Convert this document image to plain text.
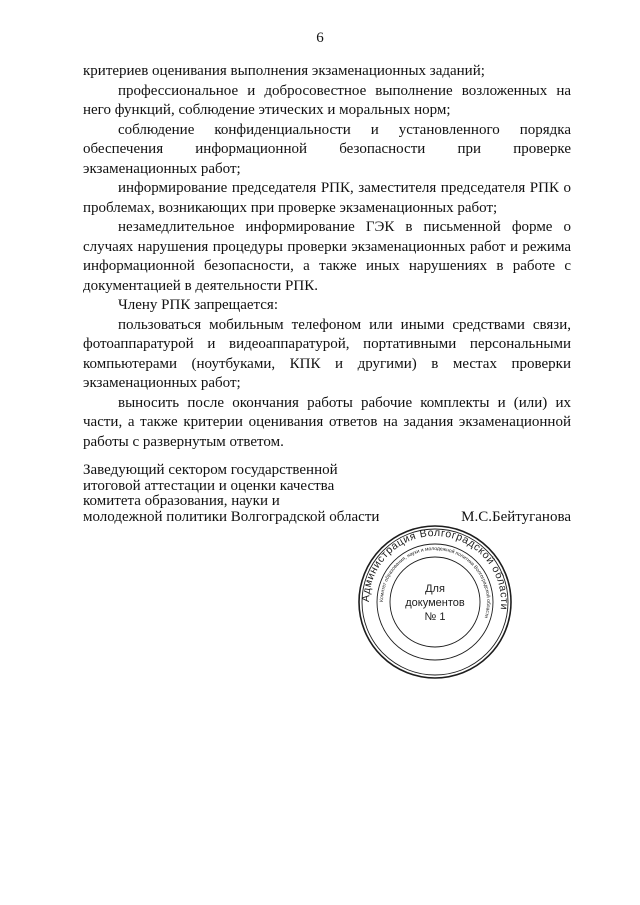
6

критериев оценивания выполнения экзаменационных заданий;

профессиональное и добросовестное выполнение возложенных на него функций, соблюдение этических и моральных норм;

соблюдение конфиденциальности и установленного порядка обеспечения информационной безопасности при проверке экзаменационных работ;

информирование председателя РПК, заместителя председателя РПК о проблемах, возникающих при проверке экзаменационных работ;

незамедлительное информирование ГЭК в письменной форме о случаях нарушения процедуры проверки экзаменационных работ и режима информационной безопасности, а также иных нарушениях в работе с документацией в деятельности РПК.

Члену РПК запрещается:

пользоваться мобильным телефоном или иными средствами связи, фотоаппаратурой и видеоаппаратурой, портативными персональными компьютерами (ноутбуками, КПК и другими) в местах проверки экзаменационных работ;

выносить после окончания работы рабочие комплекты и (или) их части, а также критерии оценивания ответов на задания экзаменационной работы с развернутым ответом.

Заведующий сектором государственной
итоговой аттестации и оценки качества
комитета образования, науки и
молодежной политики Волгоградской области	М.С.Бейтуганова
Администрация Волгоградской области
Комитет образования, науки и молодежной политики Волгоградской области
Для
документов
№ 1
